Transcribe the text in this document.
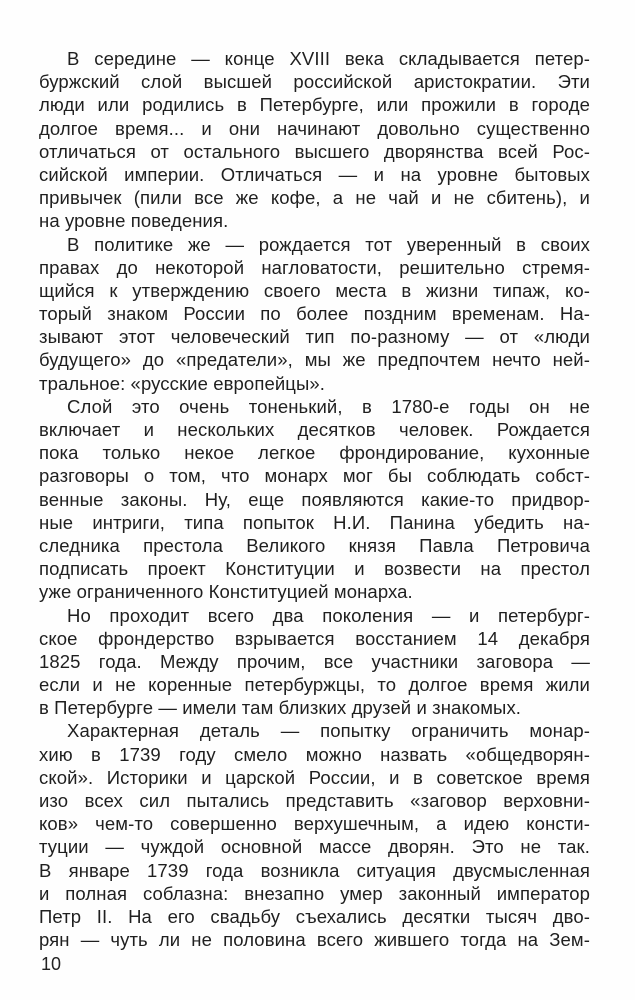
В середине — конце XVIII века складывается петер-
буржский слой высшей российской аристократии. Эти
люди или родились в Петербурге, или прожили в городе
долгое время... и они начинают довольно существенно
отличаться от остального высшего дворянства всей Рос-
сийской империи. Отличаться — и на уровне бытовых
привычек (пили все же кофе, а не чай и не сбитень), и
на уровне поведения.
В политике же — рождается тот уверенный в своих
правах до некоторой нагловатости, решительно стремя-
щийся к утверждению своего места в жизни типаж, ко-
торый знаком России по более поздним временам. На-
зывают этот человеческий тип по-разному — от «люди
будущего» до «предатели», мы же предпочтем нечто ней-
тральное: «русские европейцы».
Слой это очень тоненький, в 1780-е годы он не
включает и нескольких десятков человек. Рождается
пока только некое легкое фрондирование, кухонные
разговоры о том, что монарх мог бы соблюдать собст-
венные законы. Ну, еще появляются какие-то придвор-
ные интриги, типа попыток Н.И. Панина убедить на-
следника престола Великого князя Павла Петровича
подписать проект Конституции и возвести на престол
уже ограниченного Конституцией монарха.
Но проходит всего два поколения — и петербург-
ское фрондерство взрывается восстанием 14 декабря
1825 года. Между прочим, все участники заговора —
если и не коренные петербуржцы, то долгое время жили
в Петербурге — имели там близких друзей и знакомых.
Характерная деталь — попытку ограничить монар-
хию в 1739 году смело можно назвать «общедворян-
ской». Историки и царской России, и в советское время
изо всех сил пытались представить «заговор верховни-
ков» чем-то совершенно верхушечным, а идею консти-
туции — чуждой основной массе дворян. Это не так.
В январе 1739 года возникла ситуация двусмысленная
и полная соблазна: внезапно умер законный император
Петр II. На его свадьбу съехались десятки тысяч дво-
рян — чуть ли не половина всего жившего тогда на Зем-
10
